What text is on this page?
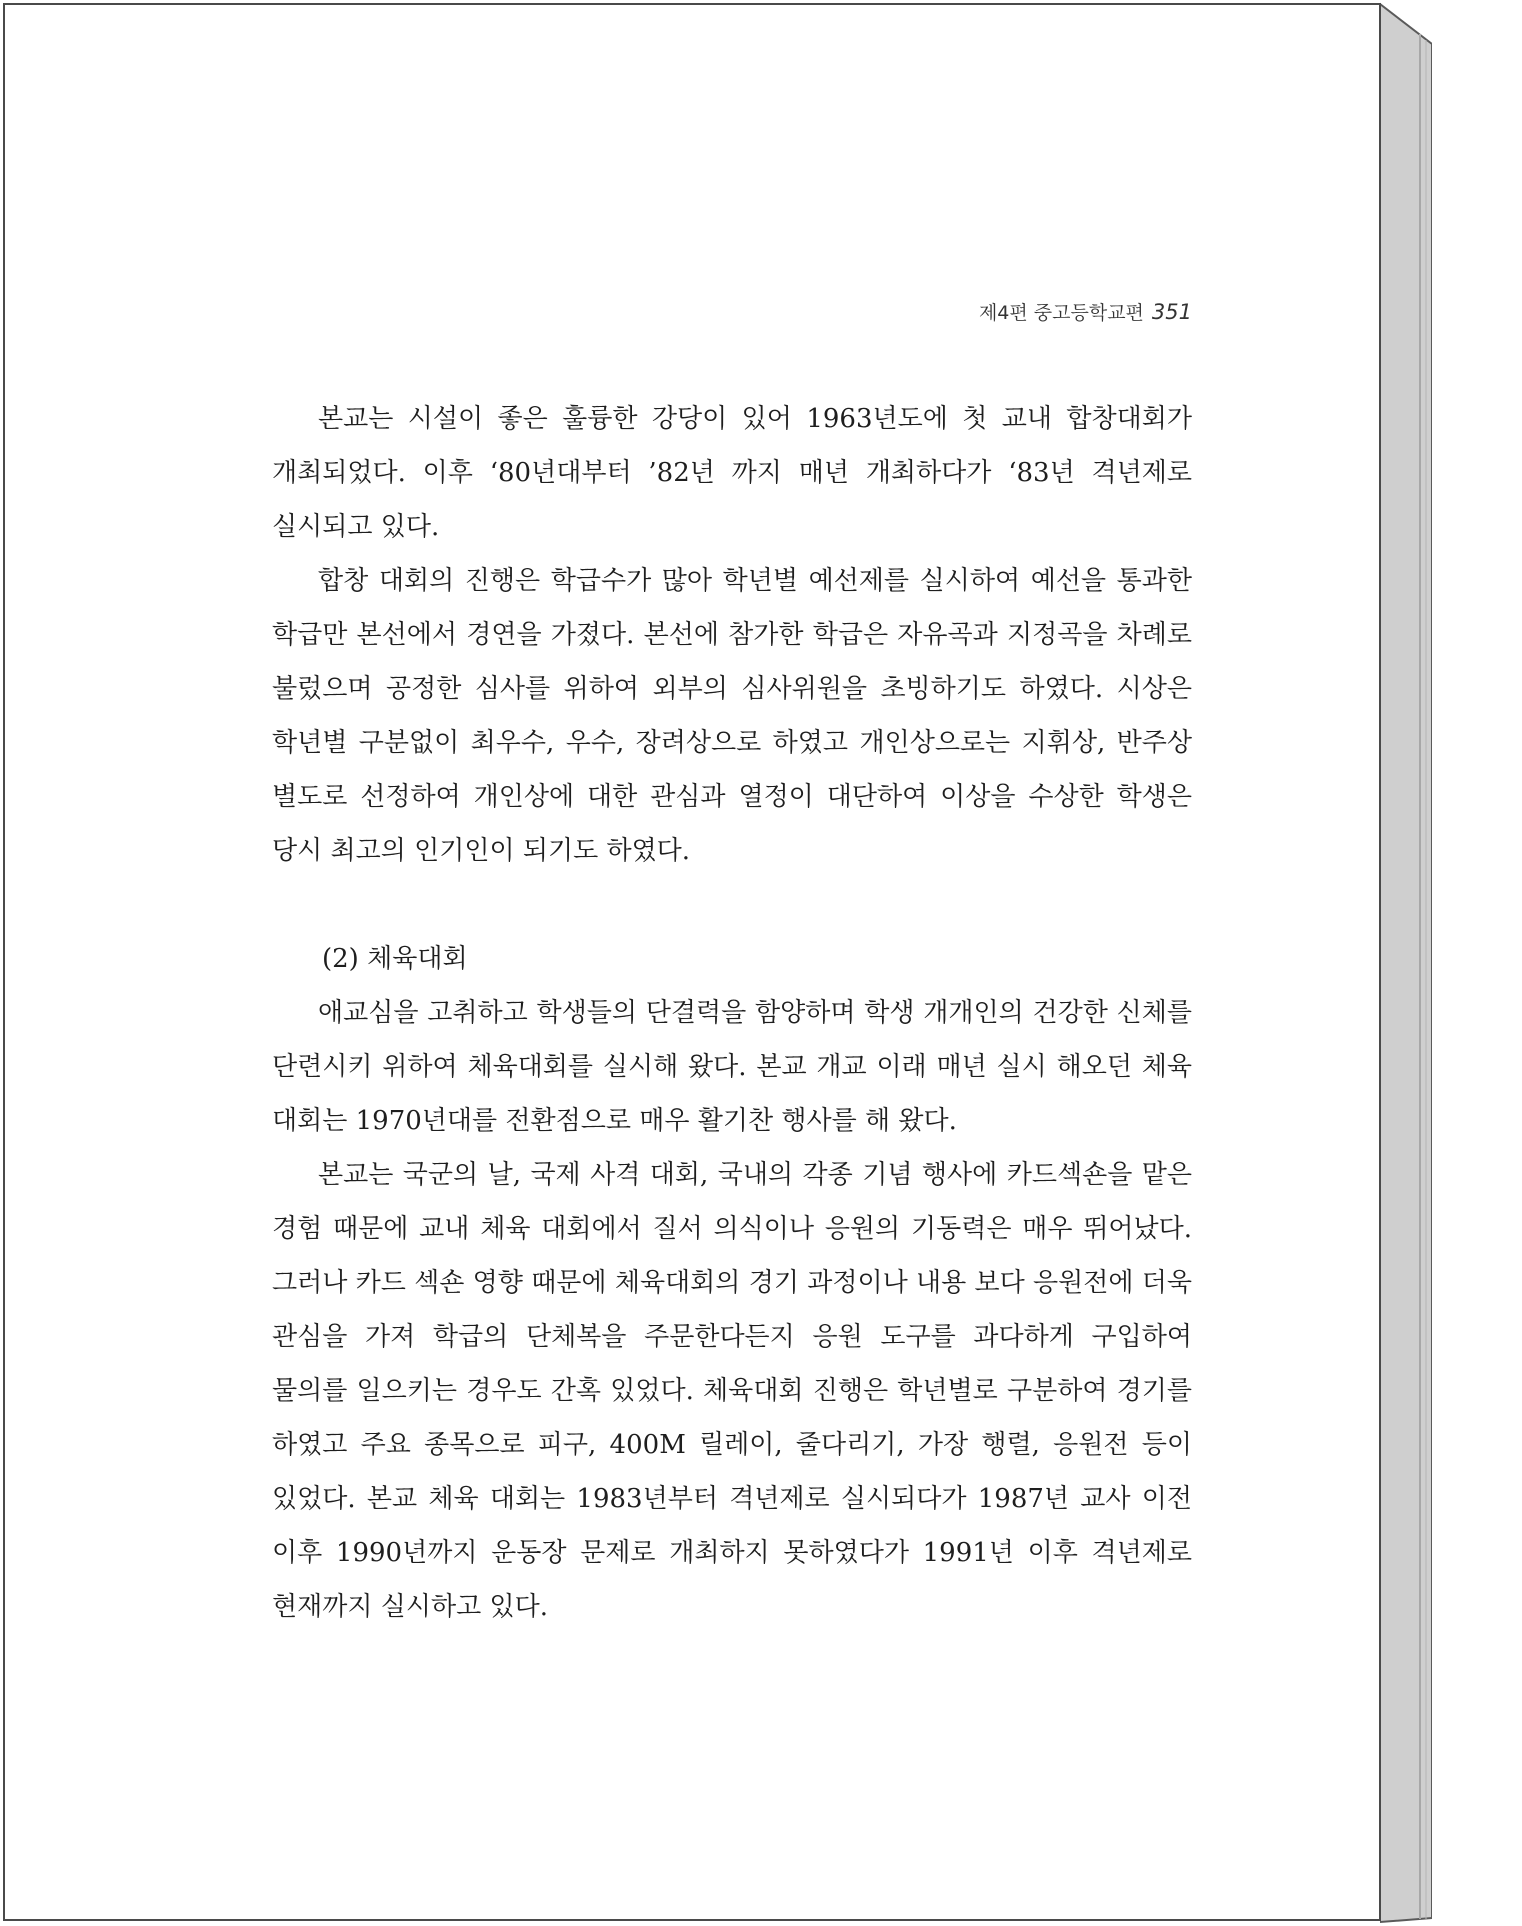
제4편 중고등학교편 351

본교는 시설이 좋은 훌륭한 강당이 있어 1963년도에 첫 교내 합창대회가 개최되었다. 이후 ‘80년대부터 ’82년 까지 매년 개최하다가 ‘83년 격년제로 실시되고 있다.

합창 대회의 진행은 학급수가 많아 학년별 예선제를 실시하여 예선을 통과한 학급만 본선에서 경연을 가졌다. 본선에 참가한 학급은 자유곡과 지정곡을 차례로 불렀으며 공정한 심사를 위하여 외부의 심사위원을 초빙하기도 하였다. 시상은 학년별 구분없이 최우수, 우수, 장려상으로 하였고 개인상으로는 지휘상, 반주상 별도로 선정하여 개인상에 대한 관심과 열정이 대단하여 이상을 수상한 학생은 당시 최고의 인기인이 되기도 하였다.

(2) 체육대회

애교심을 고취하고 학생들의 단결력을 함양하며 학생 개개인의 건강한 신체를 단련시키 위하여 체육대회를 실시해 왔다. 본교 개교 이래 매년 실시 해오던 체육 대회는 1970년대를 전환점으로 매우 활기찬 행사를 해 왔다.

본교는 국군의 날, 국제 사격 대회, 국내의 각종 기념 행사에 카드섹숀을 맡은 경험 때문에 교내 체육 대회에서 질서 의식이나 응원의 기동력은 매우 뛰어났다. 그러나 카드 섹숀 영향 때문에 체육대회의 경기 과정이나 내용 보다 응원전에 더욱 관심을 가져 학급의 단체복을 주문한다든지 응원 도구를 과다하게 구입하여 물의를 일으키는 경우도 간혹 있었다. 체육대회 진행은 학년별로 구분하여 경기를 하였고 주요 종목으로 피구, 400M 릴레이, 줄다리기, 가장 행렬, 응원전 등이 있었다. 본교 체육 대회는 1983년부터 격년제로 실시되다가 1987년 교사 이전 이후 1990년까지 운동장 문제로 개최하지 못하였다가 1991년 이후 격년제로 현재까지 실시하고 있다.
